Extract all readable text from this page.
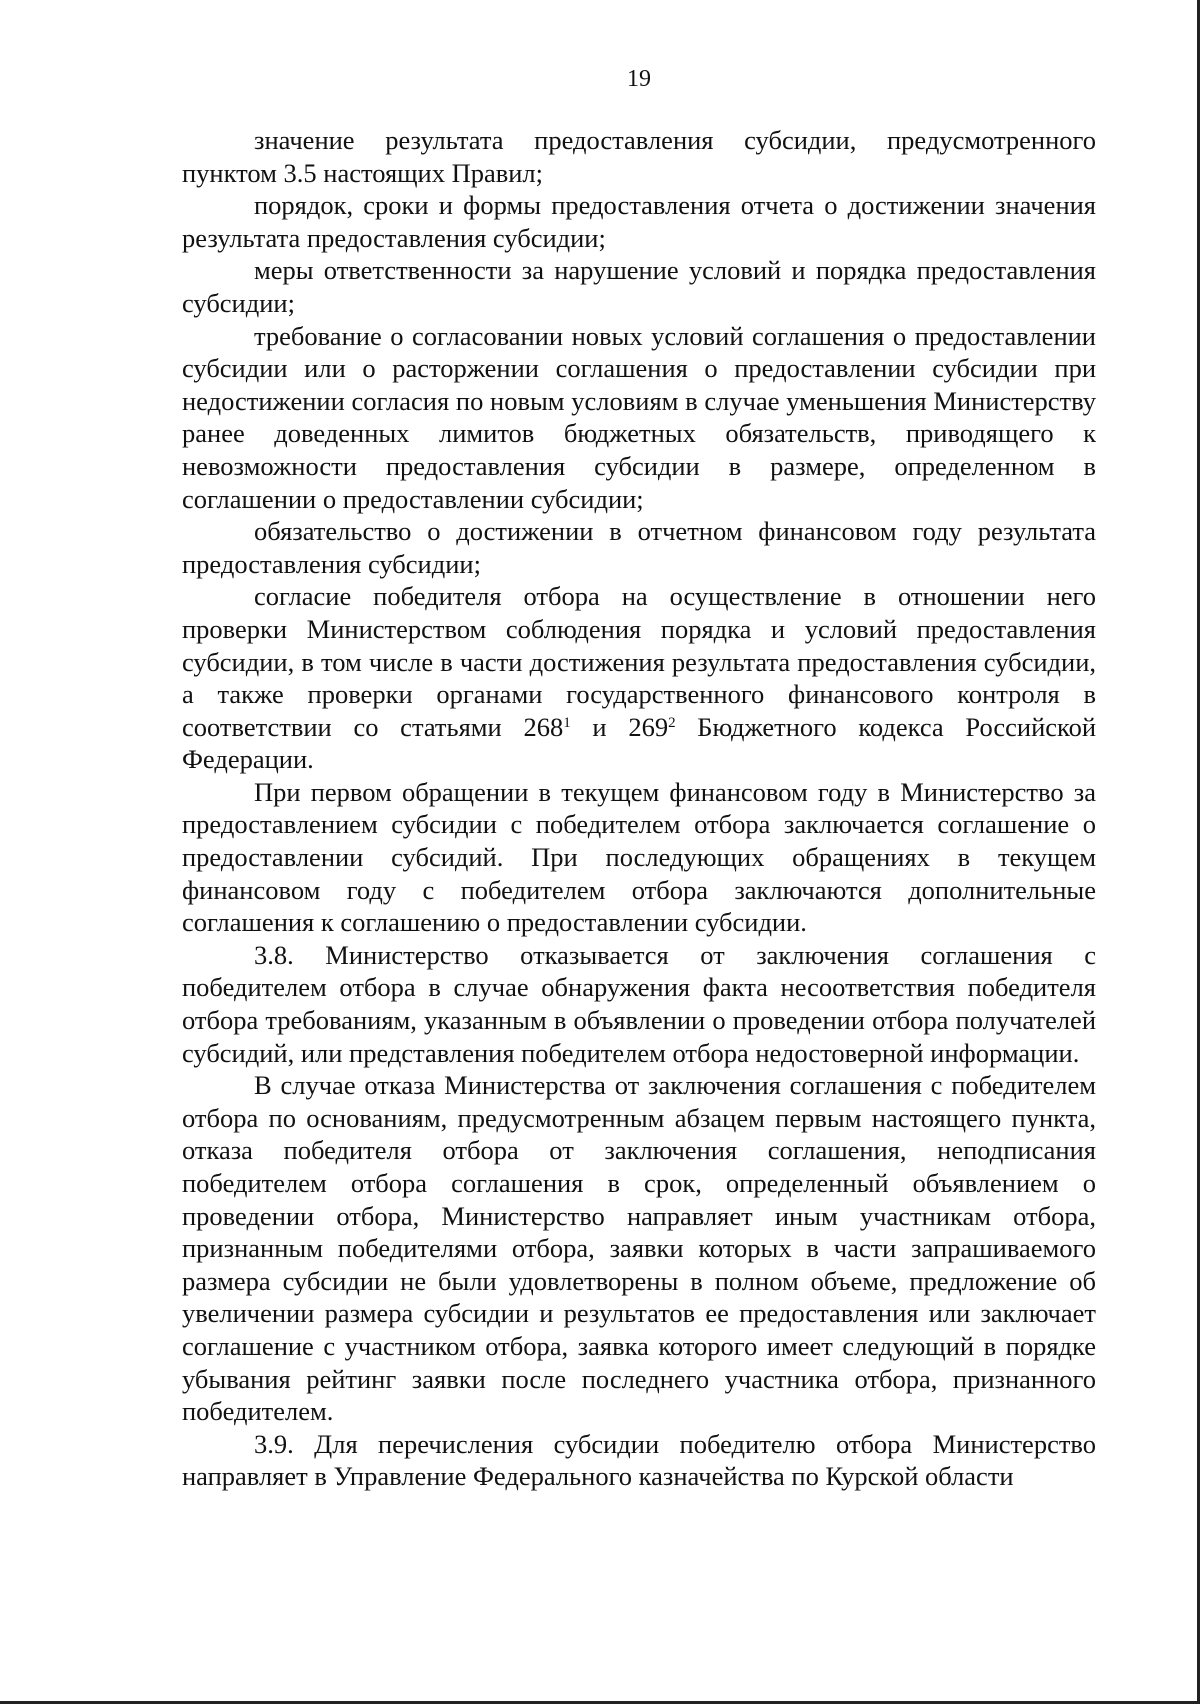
19

значение результата предоставления субсидии, предусмотренного пунктом 3.5 настоящих Правил;

порядок, сроки и формы предоставления отчета о достижении значения результата предоставления субсидии;

меры ответственности за нарушение условий и порядка предоставления субсидии;

требование о согласовании новых условий соглашения о предоставлении субсидии или о расторжении соглашения о предоставлении субсидии при недостижении согласия по новым условиям в случае уменьшения Министерству ранее доведенных лимитов бюджетных обязательств, приводящего к невозможности предоставления субсидии в размере, определенном в соглашении о предоставлении субсидии;

обязательство о достижении в отчетном финансовом году результата предоставления субсидии;

согласие победителя отбора на осуществление в отношении него проверки Министерством соблюдения порядка и условий предоставления субсидии, в том числе в части достижения результата предоставления субсидии, а также проверки органами государственного финансового контроля в соответствии со статьями $268^1$ и $269^2$ Бюджетного кодекса Российской Федерации.

При первом обращении в текущем финансовом году в Министерство за предоставлением субсидии с победителем отбора заключается соглашение о предоставлении субсидий. При последующих обращениях в текущем финансовом году с победителем отбора заключаются дополнительные соглашения к соглашению о предоставлении субсидии.

3.8. Министерство отказывается от заключения соглашения с победителем отбора в случае обнаружения факта несоответствия победителя отбора требованиям, указанным в объявлении о проведении отбора получателей субсидий, или представления победителем отбора недостоверной информации.

В случае отказа Министерства от заключения соглашения с победителем отбора по основаниям, предусмотренным абзацем первым настоящего пункта, отказа победителя отбора от заключения соглашения, неподписания победителем отбора соглашения в срок, определенный объявлением о проведении отбора, Министерство направляет иным участникам отбора, признанным победителями отбора, заявки которых в части запрашиваемого размера субсидии не были удовлетворены в полном объеме, предложение об увеличении размера субсидии и результатов ее предоставления или заключает соглашение с участником отбора, заявка которого имеет следующий в порядке убывания рейтинг заявки после последнего участника отбора, признанного победителем.

3.9. Для перечисления субсидии победителю отбора Министерство направляет в Управление Федерального казначейства по Курской области
